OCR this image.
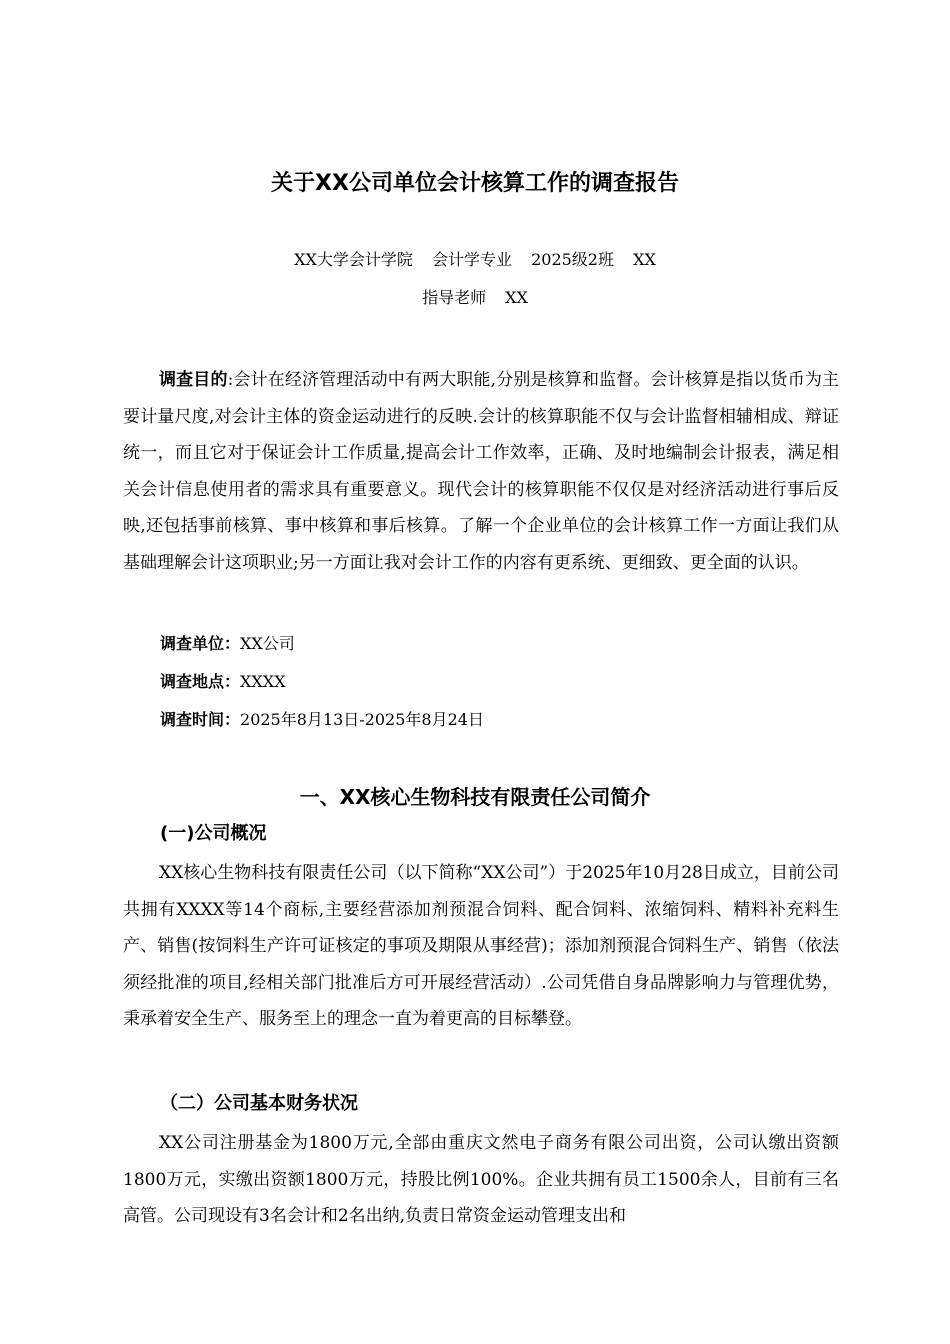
关于XX公司单位会计核算工作的调查报告

XX大学会计学院 会计学专业 2025级2班 XX

指导老师 XX

调查目的:会计在经济管理活动中有两大职能,分别是核算和监督。会计核算是指以货币为主要计量尺度,对会计主体的资金运动进行的反映.会计的核算职能不仅与会计监督相辅相成、辩证统一，而且它对于保证会计工作质量,提高会计工作效率，正确、及时地编制会计报表，满足相关会计信息使用者的需求具有重要意义。现代会计的核算职能不仅仅是对经济活动进行事后反映,还包括事前核算、事中核算和事后核算。了解一个企业单位的会计核算工作一方面让我们从基础理解会计这项职业;另一方面让我对会计工作的内容有更系统、更细致、更全面的认识。

调查单位：XX公司

调查地点：XXXX

调查时间：2025年8月13日-2025年8月24日

一、XX核心生物科技有限责任公司简介
(一)公司概况

XX核心生物科技有限责任公司（以下简称“XX公司”）于2025年10月28日成立，目前公司共拥有XXXX等14个商标,主要经营添加剂预混合饲料、配合饲料、浓缩饲料、精料补充料生产、销售(按饲料生产许可证核定的事项及期限从事经营)；添加剂预混合饲料生产、销售（依法须经批准的项目,经相关部门批准后方可开展经营活动）.公司凭借自身品牌影响力与管理优势，秉承着安全生产、服务至上的理念一直为着更高的目标攀登。

（二）公司基本财务状况

XX公司注册基金为1800万元,全部由重庆文然电子商务有限公司出资，公司认缴出资额1800万元，实缴出资额1800万元，持股比例100%。企业共拥有员工1500余人，目前有三名高管。公司现设有3名会计和2名出纳,负责日常资金运动管理支出和
